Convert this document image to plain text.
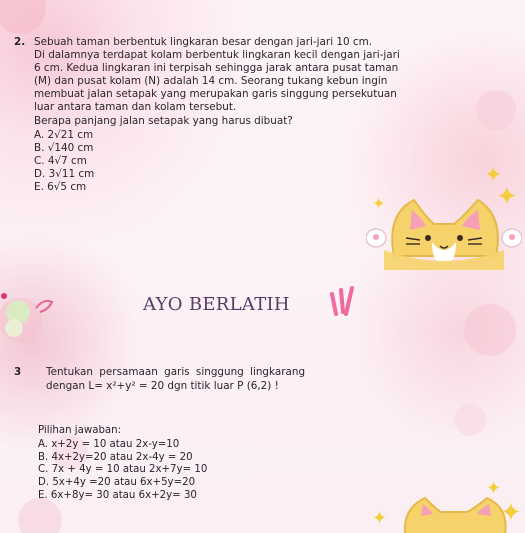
2. Sebuah taman berbentuk lingkaran besar dengan jari-jari 10 cm.
Di dalamnya terdapat kolam berbentuk lingkaran kecil dengan jari-jari
6 cm. Kedua lingkaran ini terpisah sehingga jarak antara pusat taman
(M) dan pusat kolam (N) adalah 14 cm. Seorang tukang kebun ingin
membuat jalan setapak yang merupakan garis singgung persekutuan
luar antara taman dan kolam tersebut.
Berapa panjang jalan setapak yang harus dibuat?
A. 2√21 cm
B. √140 cm
C. 4√7 cm
D. 3√11 cm
E. 6√5 cm	✦
✦
✦
AYO BERLATIH
3 Tentukan persamaan garis singgung lingkarang
dengan L= x²+y² = 20 dgn titik luar P (6,2) !
Pilihan jawaban:
A. x+2y = 10 atau 2x-y=10
B. 4x+2y=20 atau 2x-4y = 20
C. 7x + 4y = 10 atau 2x+7y= 10
D. 5x+4y =20 atau 6x+5y=20
E. 6x+8y= 30 atau 6x+2y= 30	✦
✦
✦
